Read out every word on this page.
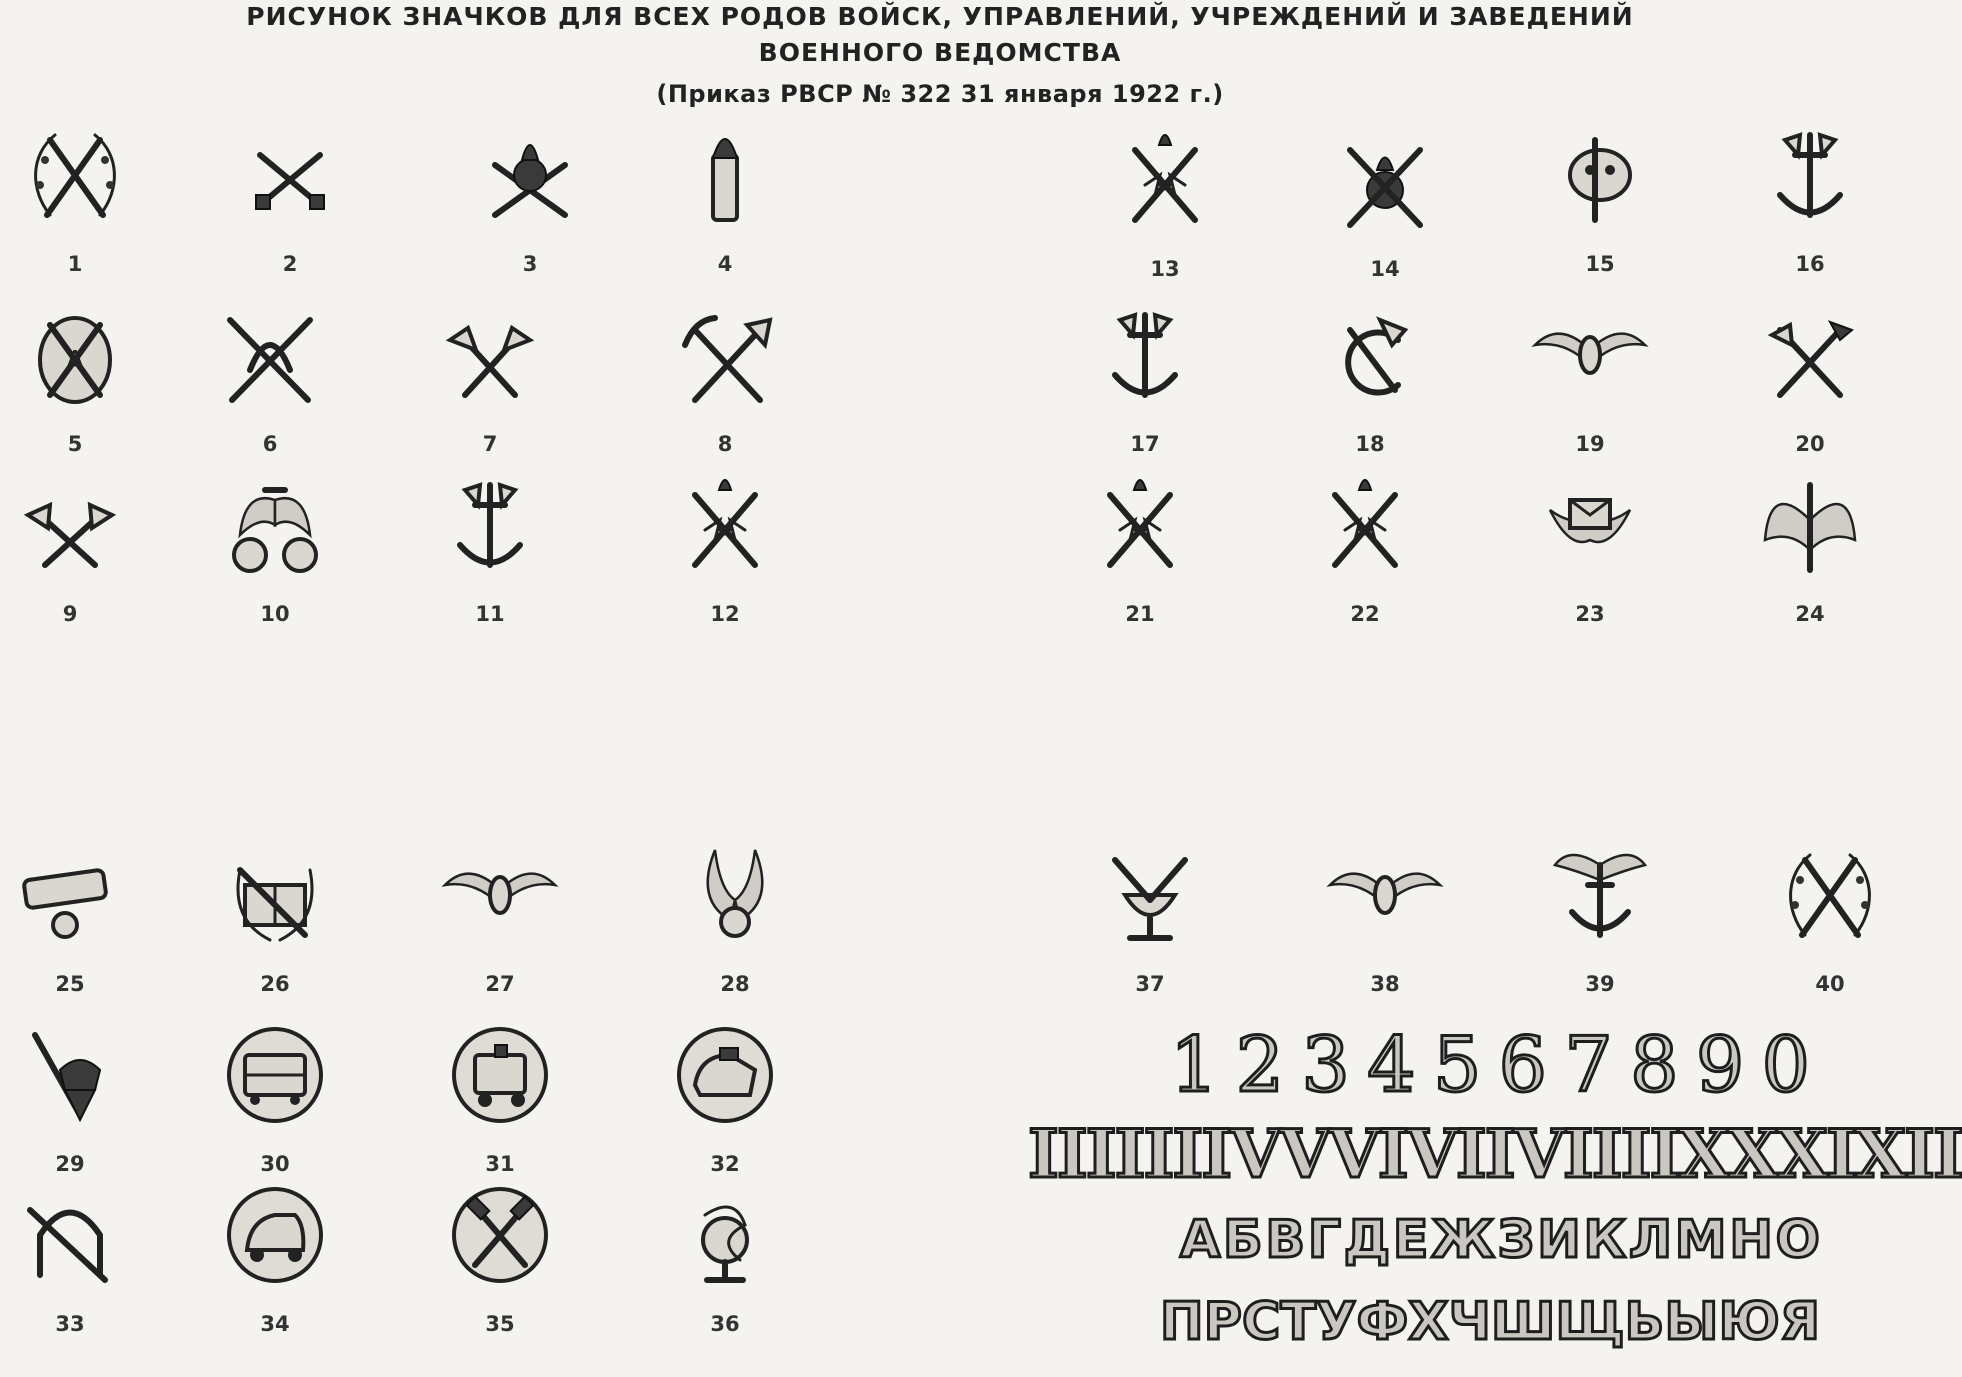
РИСУНОК ЗНАЧКОВ ДЛЯ ВСЕХ РОДОВ ВОЙСК, УПРАВЛЕНИЙ, УЧРЕЖДЕНИЙ И ЗАВЕДЕНИЙ
ВОЕННОГО ВЕДОМСТВА
(Приказ РВСР № 322 31 января 1922 г.)
1	2	3	4	13	14	15	16
A
5	6	7	8	17	18	19	20
9	10	11	12	21	22	23	24
25	26	27	28
29	30	31	32
33	34	35	36
37	38	39	40
1 2 3 4 5 6 7 8 9 0
I II III IV V VI VII VIII IX X XI XII
А Б В Г Д Е Ж З И К Л М Н О
П Р С Т У Ф Х Ч Ш Щ Ь Ы Ю Я
